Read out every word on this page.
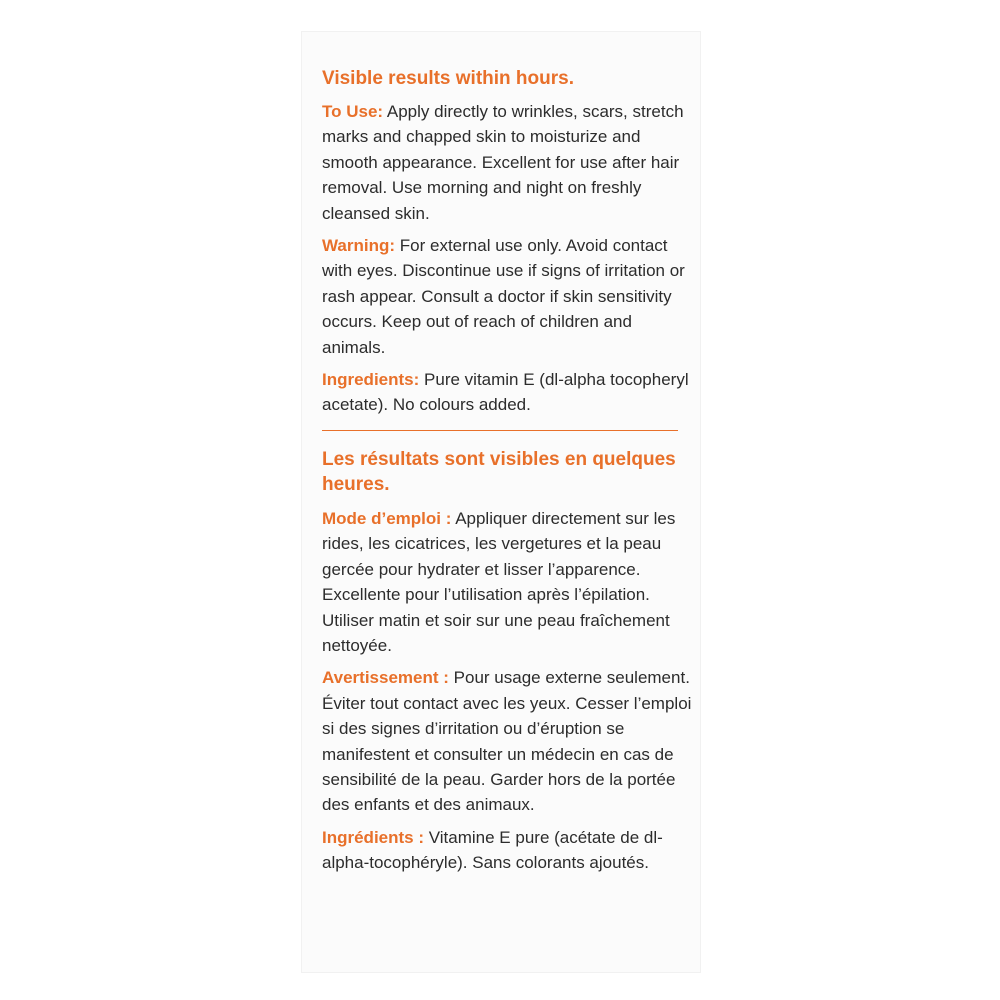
Visible results within hours.

To Use: Apply directly to wrinkles, scars, stretch marks and chapped skin to moisturize and smooth appearance. Excellent for use after hair removal. Use morning and night on freshly cleansed skin.

Warning: For external use only. Avoid contact with eyes. Discontinue use if signs of irritation or rash appear. Consult a doctor if skin sensitivity occurs. Keep out of reach of children and animals.

Ingredients: Pure vitamin E (dl-alpha tocopheryl acetate). No colours added.

Les résultats sont visibles en quelques heures.

Mode d’emploi : Appliquer directement sur les rides, les cicatrices, les vergetures et la peau gercée pour hydrater et lisser l’apparence. Excellente pour l’utilisation après l’épilation. Utiliser matin et soir sur une peau fraîchement nettoyée.

Avertissement : Pour usage externe seulement. Éviter tout contact avec les yeux. Cesser l’emploi si des signes d’irritation ou d’éruption se manifestent et consulter un médecin en cas de sensibilité de la peau. Garder hors de la portée des enfants et des animaux.

Ingrédients : Vitamine E pure (acétate de dl-alpha-tocophéryle). Sans colorants ajoutés.
